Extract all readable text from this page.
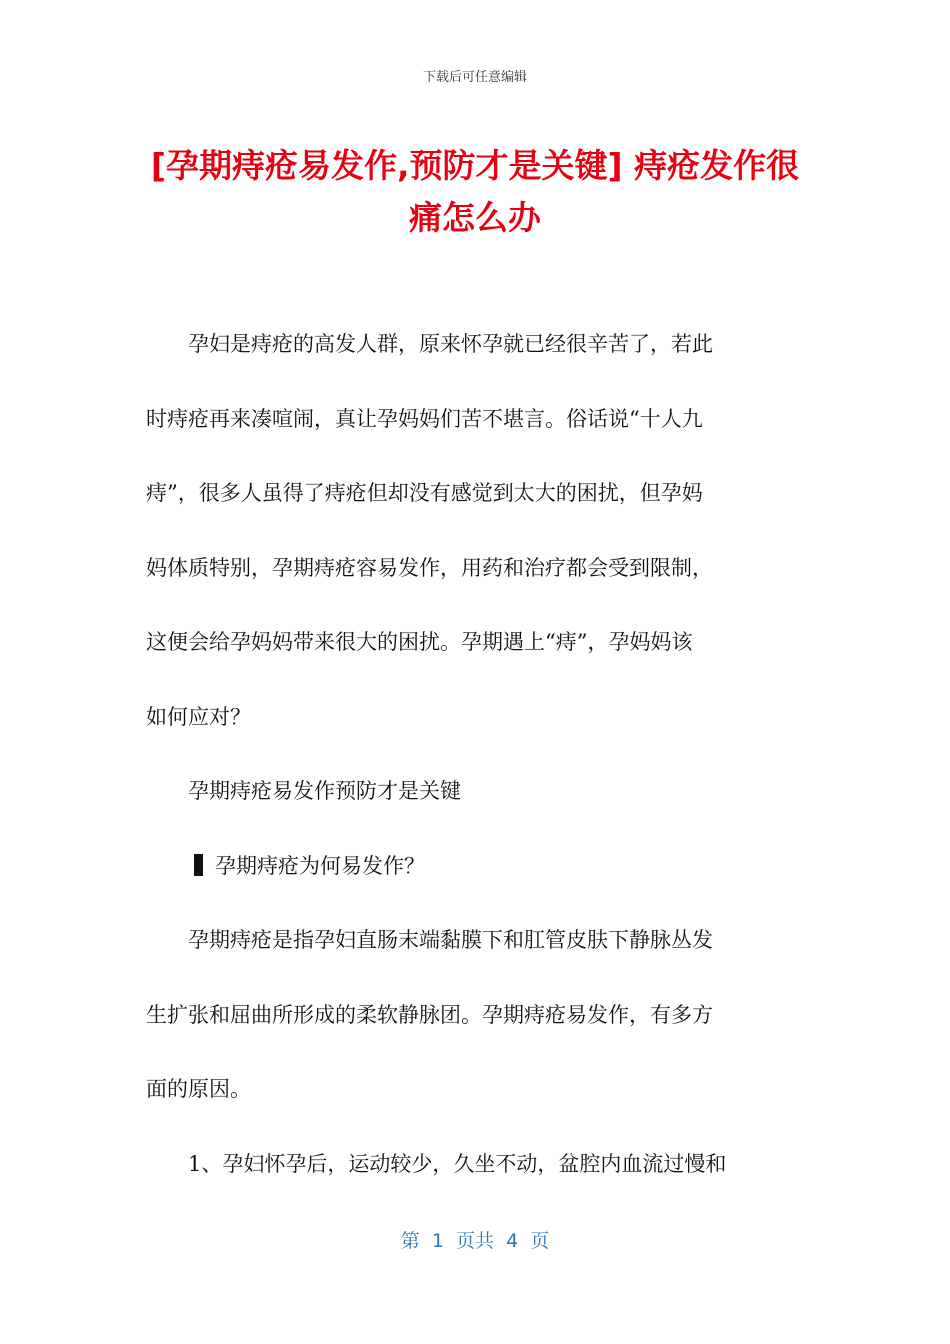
下载后可任意编辑
[孕期痔疮易发作,预防才是关键] 痔疮发作很痛怎么办
孕妇是痔疮的高发人群，原来怀孕就已经很辛苦了，若此
时痔疮再来凑喧闹，真让孕妈妈们苦不堪言。俗话说“十人九
痔”，很多人虽得了痔疮但却没有感觉到太大的困扰，但孕妈
妈体质特别，孕期痔疮容易发作，用药和治疗都会受到限制，
这便会给孕妈妈带来很大的困扰。孕期遇上“痔”，孕妈妈该
如何应对？
孕期痔疮易发作预防才是关键
孕期痔疮为何易发作？
孕期痔疮是指孕妇直肠末端黏膜下和肛管皮肤下静脉丛发
生扩张和屈曲所形成的柔软静脉团。孕期痔疮易发作，有多方
面的原因。
1、孕妇怀孕后，运动较少，久坐不动，盆腔内血流过慢和
第  1  页共  4  页
